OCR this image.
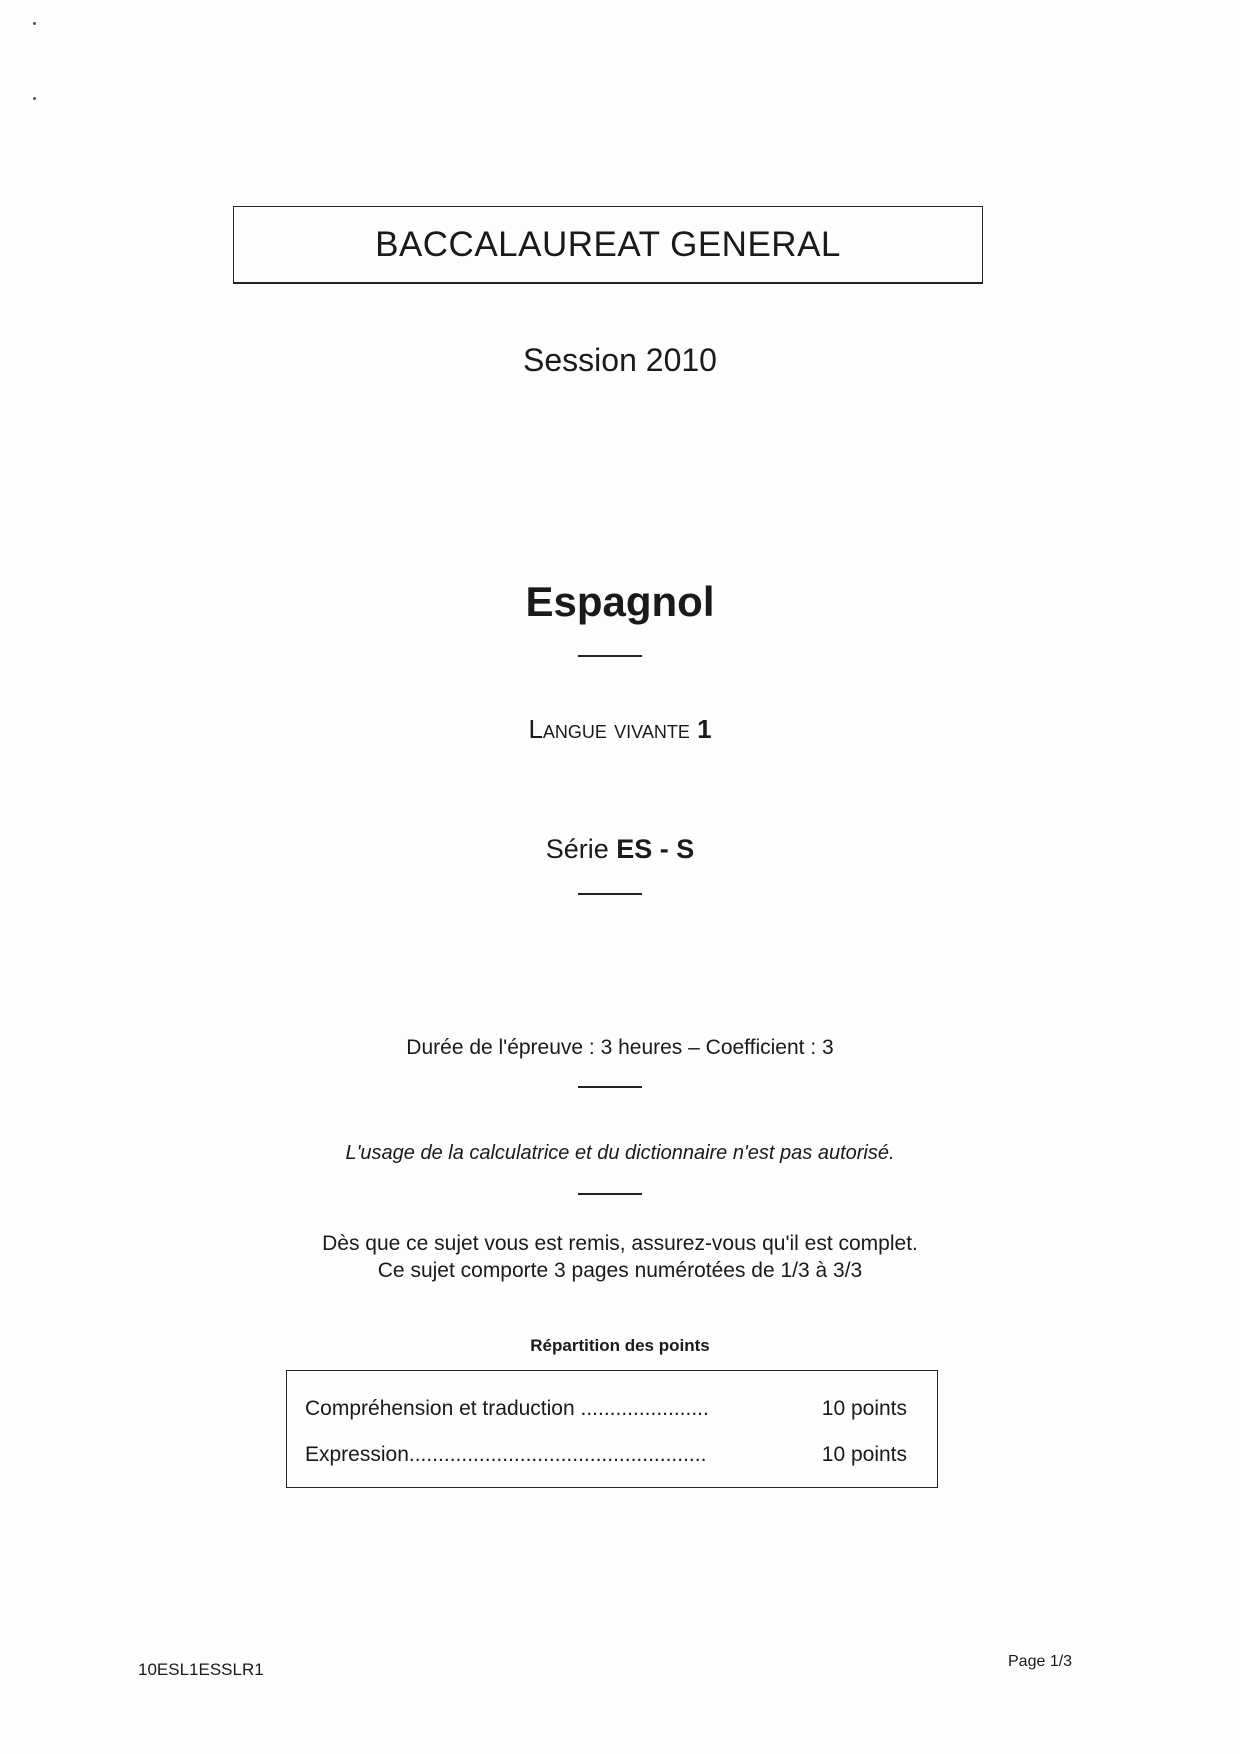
BACCALAUREAT GENERAL
Session 2010
Espagnol
Langue vivante 1
Série ES - S
Durée de l'épreuve : 3 heures – Coefficient : 3
L'usage de la calculatrice et du dictionnaire n'est pas autorisé.
Dès que ce sujet vous est remis, assurez-vous qu'il est complet.
Ce sujet comporte 3 pages numérotées de 1/3 à 3/3
Répartition des points
Compréhension et traduction ......................	10 points
Expression...................................................	10 points
10ESL1ESSLR1	Page 1/3
